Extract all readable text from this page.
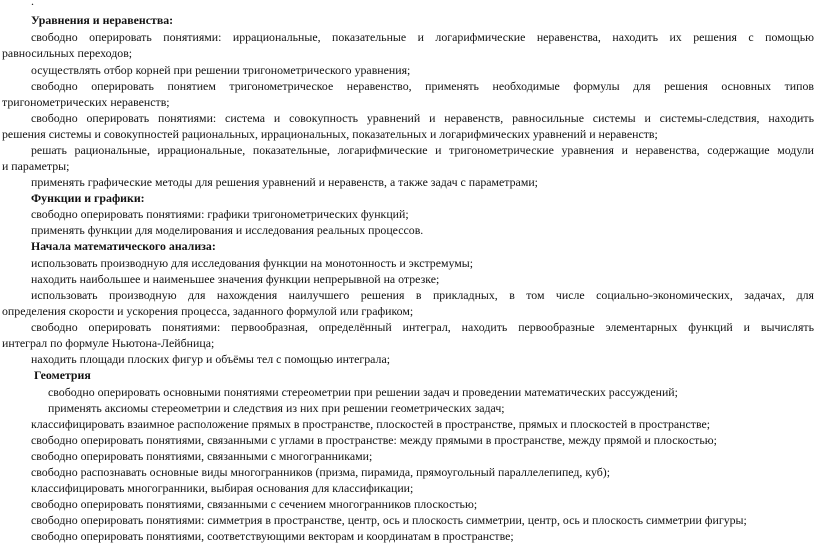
.
Уравнения и неравенства:
свободно оперировать понятиями: иррациональные, показательные и логарифмические неравенства, находить их решения с помощью
равносильных переходов;
осуществлять отбор корней при решении тригонометрического уравнения;
свободно оперировать понятием тригонометрическое неравенство, применять необходимые формулы для решения основных типов
тригонометрических неравенств;
свободно оперировать понятиями: система и совокупность уравнений и неравенств, равносильные системы и системы-следствия, находить
решения системы и совокупностей рациональных, иррациональных, показательных и логарифмических уравнений и неравенств;
решать рациональные, иррациональные, показательные, логарифмические и тригонометрические уравнения и неравенства, содержащие модули
и параметры;
применять графические методы для решения уравнений и неравенств, а также задач с параметрами;
Функции и графики:
свободно оперировать понятиями: графики тригонометрических функций;
применять функции для моделирования и исследования реальных процессов.
Начала математического анализа:
использовать производную для исследования функции на монотонность и экстремумы;
находить наибольшее и наименьшее значения функции непрерывной на отрезке;
использовать производную для нахождения наилучшего решения в прикладных, в том числе социально-экономических, задачах, для
определения скорости и ускорения процесса, заданного формулой или графиком;
свободно оперировать понятиями: первообразная, определённый интеграл, находить первообразные элементарных функций и вычислять
интеграл по формуле Ньютона-Лейбница;
находить площади плоских фигур и объёмы тел с помощью интеграла;
Геометрия
свободно оперировать основными понятиями стереометрии при решении задач и проведении математических рассуждений;
применять аксиомы стереометрии и следствия из них при решении геометрических задач;
классифицировать взаимное расположение прямых в пространстве, плоскостей в пространстве, прямых и плоскостей в пространстве;
свободно оперировать понятиями, связанными с углами в пространстве: между прямыми в пространстве, между прямой и плоскостью;
свободно оперировать понятиями, связанными с многогранниками;
свободно распознавать основные виды многогранников (призма, пирамида, прямоугольный параллелепипед, куб);
классифицировать многогранники, выбирая основания для классификации;
свободно оперировать понятиями, связанными с сечением многогранников плоскостью;
свободно оперировать понятиями: симметрия в пространстве, центр, ось и плоскость симметрии, центр, ось и плоскость симметрии фигуры;
свободно оперировать понятиями, соответствующими векторам и координатам в пространстве;
